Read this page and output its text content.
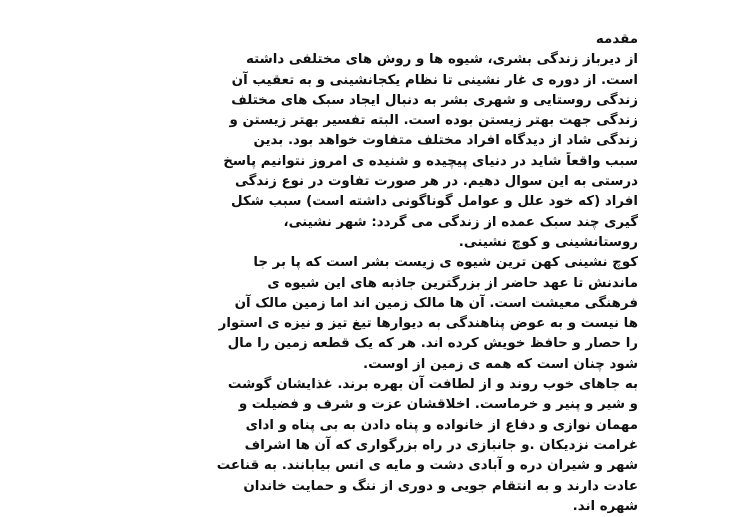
مقدمه
از دیرباز زندگی بشری، شیوه ها و روش های مختلفی داشته
است. از دوره ی غار نشینی تا نظام یکجانشینی و به تعقیب آن
زندگی روستایی و شهری بشر به دنبال ایجاد سبک های مختلف
زندگی جهت بهتر زیستن بوده است. البته تفسیر بهتر زیستن و
زندگی شاد از دیدگاه افراد مختلف متفاوت خواهد بود. بدین
سبب واقعاً شاید در دنیای پیچیده و شنیده ی امروز نتوانیم پاسخ
درستی به این سوال دهیم. در هر صورت تفاوت در نوع زندگی
افراد (که خود علل و عوامل گوناگونی داشته است) سبب شکل
گیری چند سبک عمده از زندگی می گردد: شهر نشینی،
روستانشینی و کوچ نشینی.
کوچ نشینی کهن ترین شیوه ی زیست بشر است که پا بر جا
ماندنش تا عهد حاضر از بزرگترین جاذبه های این شیوه ی
فرهنگی معیشت است. آن ها مالک زمین اند اما زمین مالک آن
ها نیست و به عوض پناهندگی به دیوارها تیغ تیز و نیزه ی استوار
را حصار و حافظ خویش کرده اند. هر که یک قطعه زمین را مال
شود چنان است که همه ی زمین از اوست.
به جاهای خوب روند و از لطافت آن بهره برند. غذایشان گوشت
و شیر و پنیر و خرماست. اخلاقشان عزت و شرف و فضیلت و
مهمان نوازی و دفاع از خانواده و پناه دادن به بی پناه و ادای
غرامت نزدیکان .و جانبازی در راه بزرگواری که آن ها اشراف
شهر و شیران دره و آبادی دشت و مایه ی انس بیابانند. به قناعت
عادت دارند و به انتقام جویی و دوری از ننگ و حمایت خاندان
شهره اند.
